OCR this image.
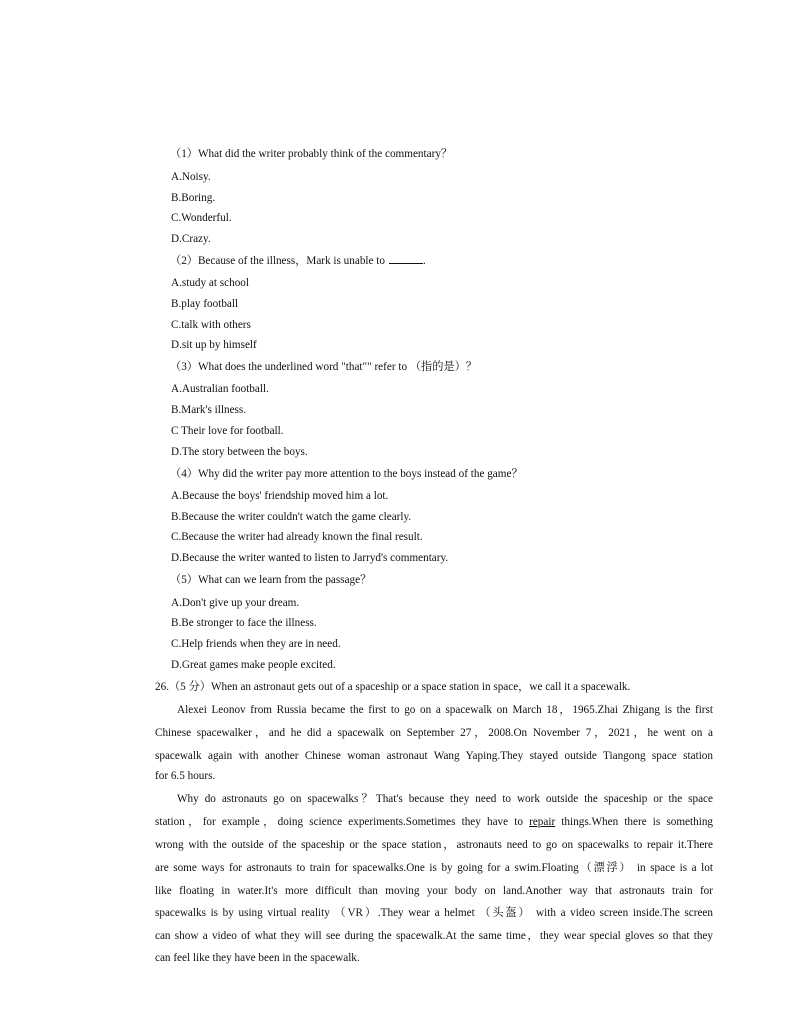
（1）What did the writer probably think of the commentary？

A.Noisy.

B.Boring.

C.Wonderful.

D.Crazy.

（2）Because of the illness，Mark is unable to	.

A.study at school

B.play football

C.talk with others

D.sit up by himself

（3）What does the underlined word "that"" refer to （指的是）？

A.Australian football.

B.Mark's illness.

C Their love for football.

D.The story between the boys.

（4）Why did the writer pay more attention to the boys instead of the game？

A.Because the boys' friendship moved him a lot.

B.Because the writer couldn't watch the game clearly.

C.Because the writer had already known the final result.

D.Because the writer wanted to listen to Jarryd's commentary.

（5）What can we learn from the passage？

A.Don't give up your dream.

B.Be stronger to face the illness.

C.Help friends when they are in need.

D.Great games make people excited.

26.（5 分）When an astronaut gets out of a spaceship or a space station in space，we call it a spacewalk.

Alexei Leonov from Russia became the first to go on a spacewalk on March 18，1965.Zhai Zhigang is the first

Chinese spacewalker，and he did a spacewalk on September 27，2008.On November 7，2021，he went on a

spacewalk again with another Chinese woman astronaut Wang Yaping.They stayed outside Tiangong space station

for 6.5 hours.

Why do astronauts go on spacewalks？That's because they need to work outside the spaceship or the space

station，for example，doing science experiments.Sometimes they have to repair things.When there is something

wrong with the outside of the spaceship or the space station，astronauts need to go on spacewalks to repair it.There

are some ways for astronauts to train for spacewalks.One is by going for a swim.Floating（漂浮） in space is a lot

like floating in water.It's more difficult than moving your body on land.Another way that astronauts train for

spacewalks is by using virtual reality （VR）.They wear a helmet （头盔） with a video screen inside.The screen

can show a video of what they will see during the spacewalk.At the same time，they wear special gloves so that they

can feel like they have been in the spacewalk.
